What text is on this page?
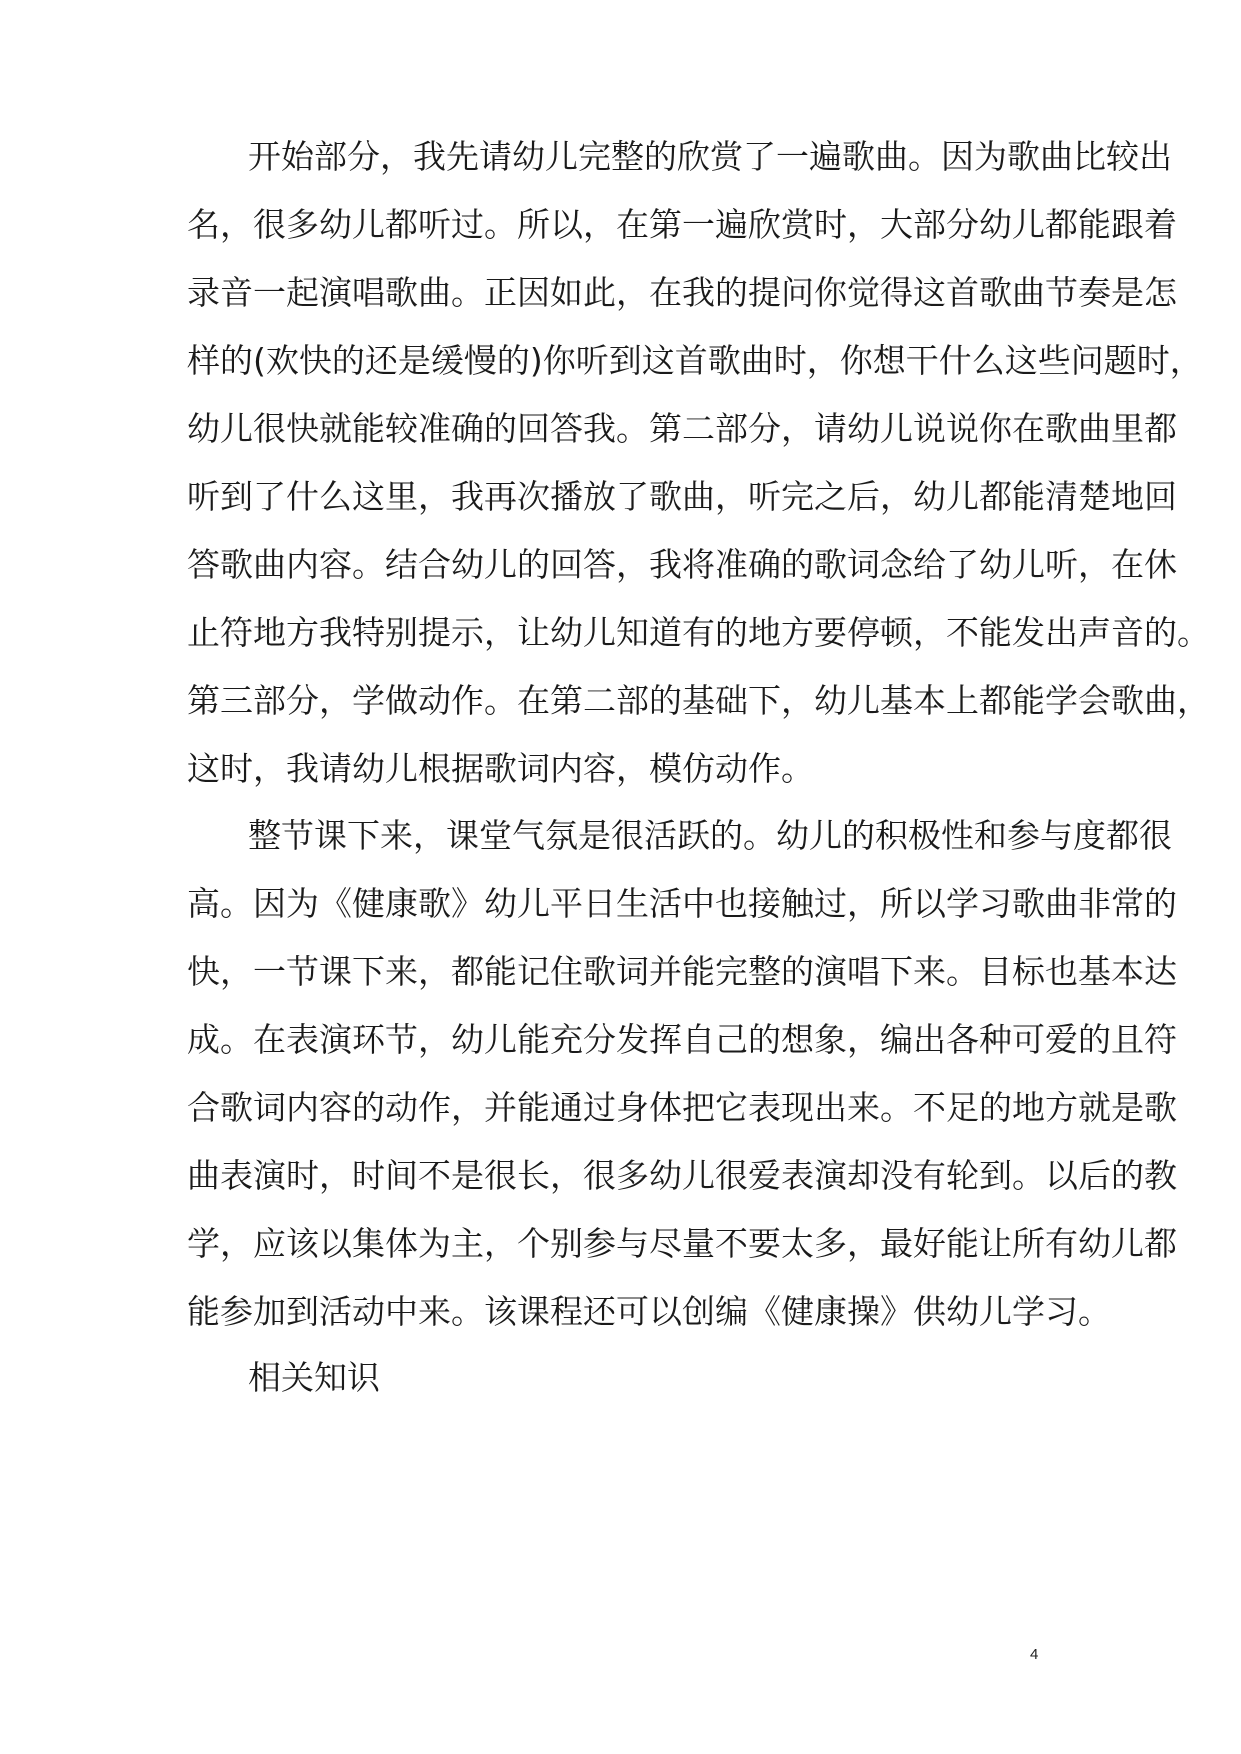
开始部分，我先请幼儿完整的欣赏了一遍歌曲。因为歌曲比较出

名，很多幼儿都听过。所以，在第一遍欣赏时，大部分幼儿都能跟着

录音一起演唱歌曲。正因如此，在我的提问你觉得这首歌曲节奏是怎

样的(欢快的还是缓慢的)你听到这首歌曲时，你想干什么这些问题时，

幼儿很快就能较准确的回答我。第二部分，请幼儿说说你在歌曲里都

听到了什么这里，我再次播放了歌曲，听完之后，幼儿都能清楚地回

答歌曲内容。结合幼儿的回答，我将准确的歌词念给了幼儿听，在休

止符地方我特别提示，让幼儿知道有的地方要停顿，不能发出声音的。

第三部分，学做动作。在第二部的基础下，幼儿基本上都能学会歌曲，

这时，我请幼儿根据歌词内容，模仿动作。

整节课下来，课堂气氛是很活跃的。幼儿的积极性和参与度都很

高。因为《健康歌》幼儿平日生活中也接触过，所以学习歌曲非常的

快，一节课下来，都能记住歌词并能完整的演唱下来。目标也基本达

成。在表演环节，幼儿能充分发挥自己的想象，编出各种可爱的且符

合歌词内容的动作，并能通过身体把它表现出来。不足的地方就是歌

曲表演时，时间不是很长，很多幼儿很爱表演却没有轮到。以后的教

学，应该以集体为主，个别参与尽量不要太多，最好能让所有幼儿都

能参加到活动中来。该课程还可以创编《健康操》供幼儿学习。

相关知识

4
